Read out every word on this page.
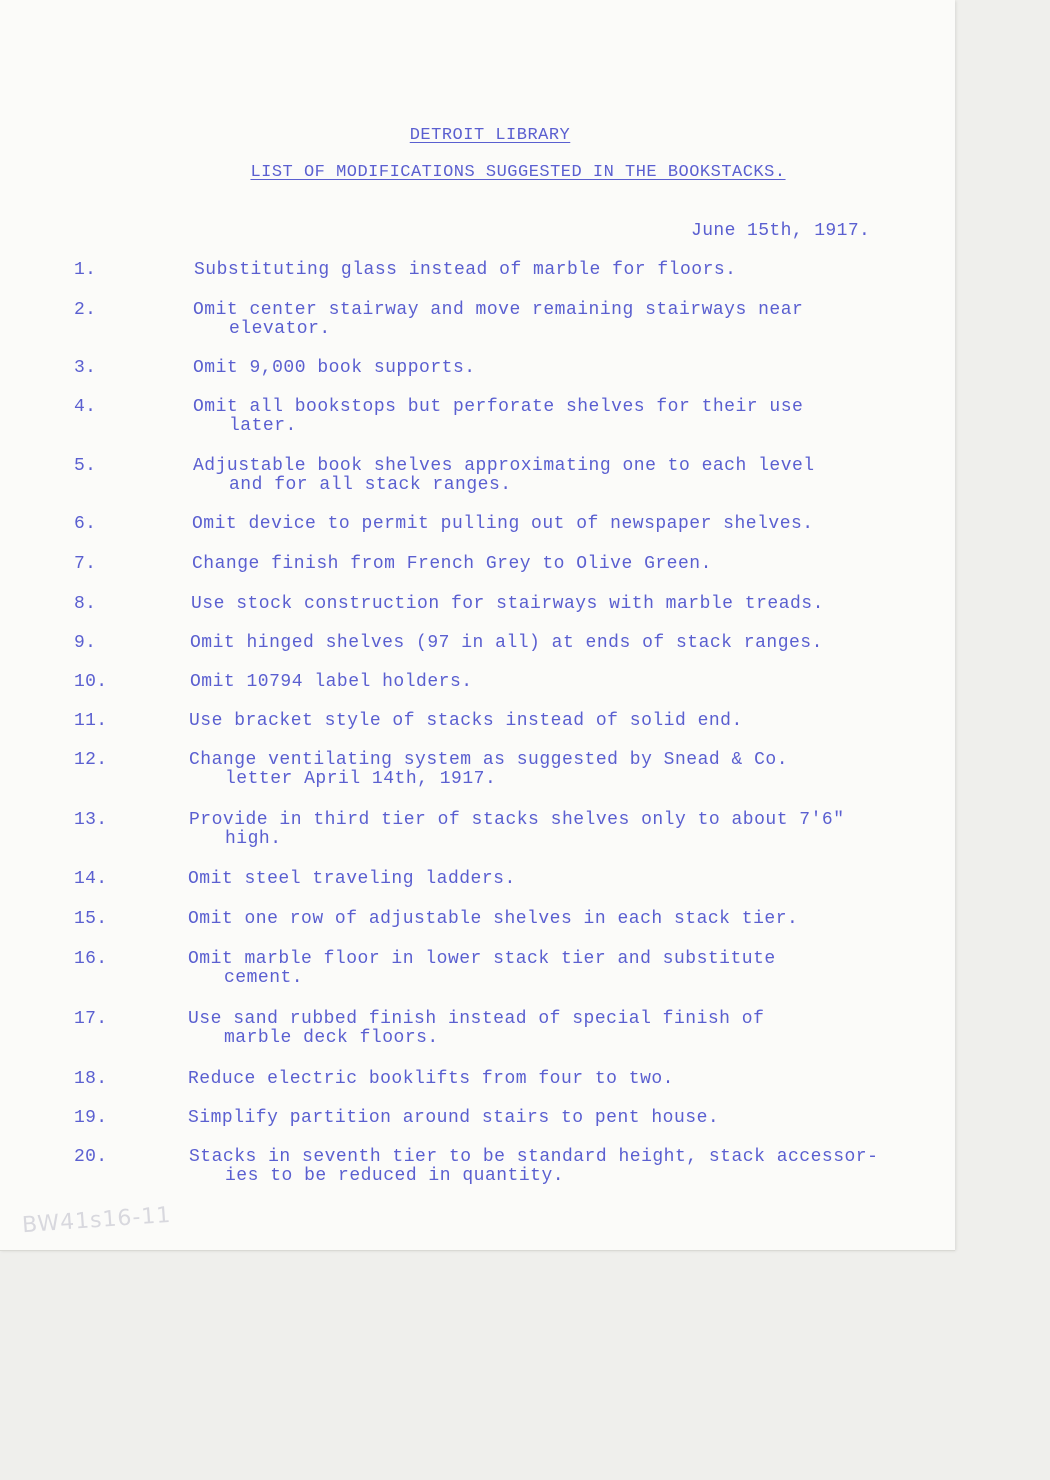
DETROIT LIBRARY
LIST OF MODIFICATIONS SUGGESTED IN THE BOOKSTACKS.
June 15th, 1917.
1.	Substituting glass instead of marble for floors.
2.	Omit center stairway and move remaining stairways near
elevator.
3.	Omit 9,000 book supports.
4.	Omit all bookstops but perforate shelves for their use
later.
5.	Adjustable book shelves approximating one to each level
and for all stack ranges.
6.	Omit device to permit pulling out of newspaper shelves.
7.	Change finish from French Grey to Olive Green.
8.	Use stock construction for stairways with marble treads.
9.	Omit hinged shelves (97 in all) at ends of stack ranges.
10.	Omit 10794 label holders.
11.	Use bracket style of stacks instead of solid end.
12.	Change ventilating system as suggested by Snead & Co.
letter April 14th, 1917.
13.	Provide in third tier of stacks shelves only to about 7'6"
high.
14.	Omit steel traveling ladders.
15.	Omit one row of adjustable shelves in each stack tier.
16.	Omit marble floor in lower stack tier and substitute
cement.
17.	Use sand rubbed finish instead of special finish of
marble deck floors.
18.	Reduce electric booklifts from four to two.
19.	Simplify partition around stairs to pent house.
20.	Stacks in seventh tier to be standard height, stack accessor-
ies to be reduced in quantity.
BW41s16-11
